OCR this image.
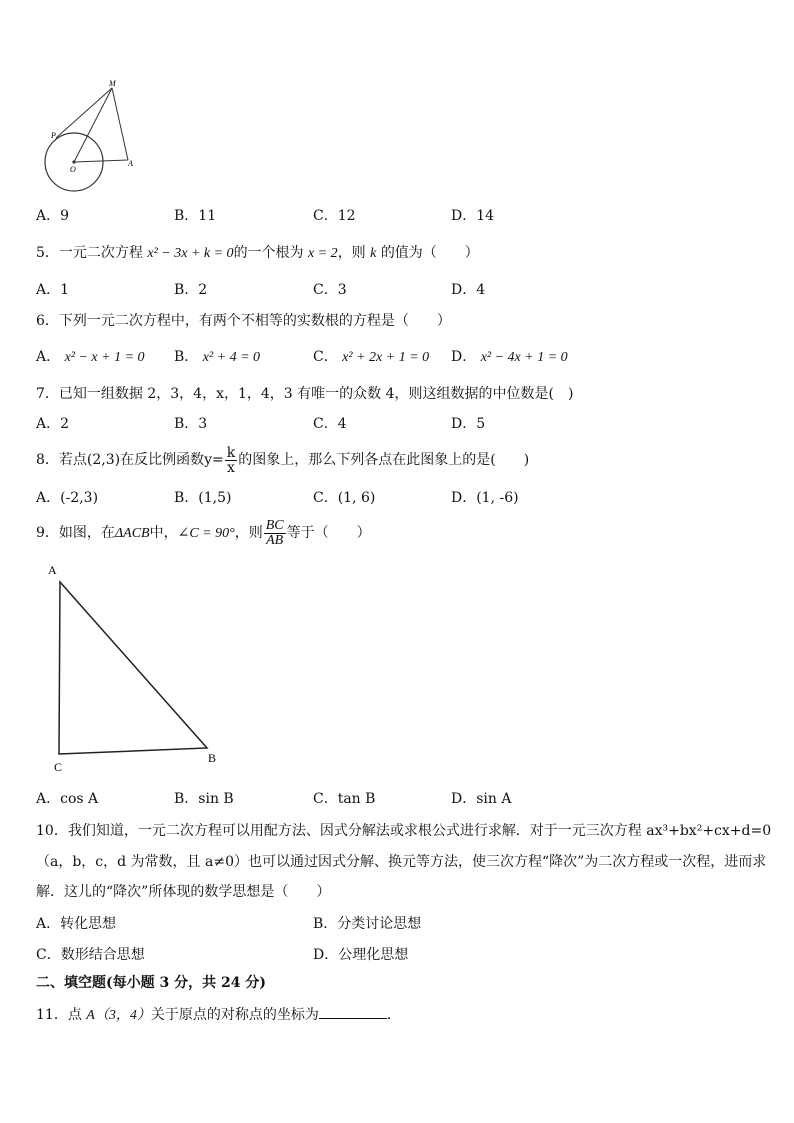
M
P
O
A
A．9	B．11	C．12	D．14
5．一元二次方程 x² − 3x + k = 0的一个根为 x = 2，则 k 的值为（　　）
A．1	B．2	C．3	D．4
6．下列一元二次方程中，有两个不相等的实数根的方程是（　　）
A． x² − x + 1 = 0 B． x² + 4 = 0	C． x² + 2x + 1 = 0 D． x² − 4x + 1 = 0
7．已知一组数据 2，3，4，x，1，4，3 有唯一的众数 4，则这组数据的中位数是(　)
A．2	B．3	C．4	D．5
8．若点(2,3)在反比例函数$y= \frac{k}{x}$ 的图象上，那么下列各点在此图象上的是(　　)
A．(-2,3)	B．(1,5)	C．(1, 6)	D．(1, -6)
9．如图，在ΔACB中，∠C = 90°，则 $\frac{BC}{AB}$ 等于（　　）
A
C
B
A．cos A	B．sin B	C．tan B	D．sin A
10．我们知道，一元二次方程可以用配方法、因式分解法或求根公式进行求解．对于一元三次方程 ax³+bx²+cx+d=0
（a，b，c，d 为常数，且 a≠0）也可以通过因式分解、换元等方法，使三次方程“降次”为二次方程或一次程，进而求
解．这儿的“降次”所体现的数学思想是（　　）
A．转化思想	B．分类讨论思想
C．数形结合思想	D．公理化思想
二、填空题(每小题 3 分，共 24 分)
11．点 A（3，4）关于原点的对称点的坐标为	．
